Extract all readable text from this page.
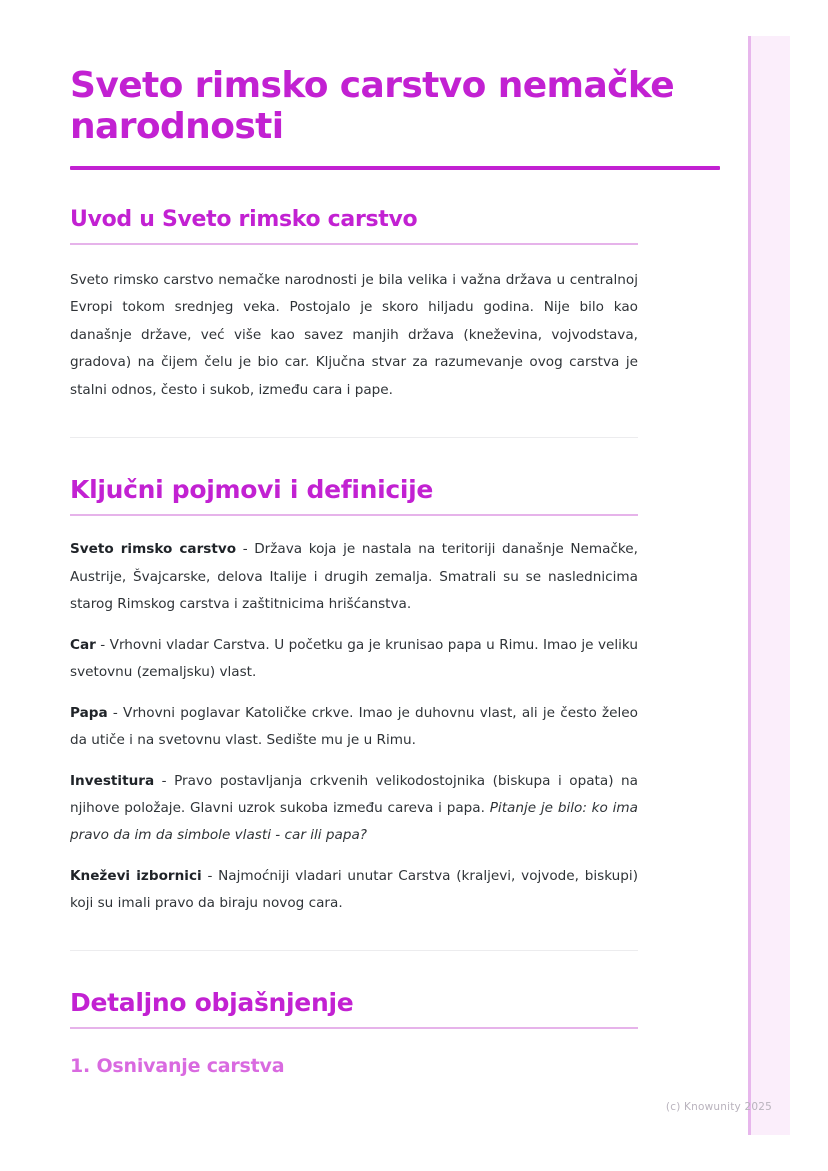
Sveto rimsko carstvo nemačke narodnosti
Uvod u Sveto rimsko carstvo

Sveto rimsko carstvo nemačke narodnosti je bila velika i važna država u centralnoj Evropi tokom srednjeg veka. Postojalo je skoro hiljadu godina. Nije bilo kao današnje države, već više kao savez manjih država (kneževina, vojvodstava, gradova) na čijem čelu je bio car. Ključna stvar za razumevanje ovog carstva je stalni odnos, često i sukob, između cara i pape.

Ključni pojmovi i definicije

Sveto rimsko carstvo - Država koja je nastala na teritoriji današnje Nemačke, Austrije, Švajcarske, delova Italije i drugih zemalja. Smatrali su se naslednicima starog Rimskog carstva i zaštitnicima hrišćanstva.

Car - Vrhovni vladar Carstva. U početku ga je krunisao papa u Rimu. Imao je veliku svetovnu (zemaljsku) vlast.

Papa - Vrhovni poglavar Katoličke crkve. Imao je duhovnu vlast, ali je često želeo da utiče i na svetovnu vlast. Sedište mu je u Rimu.

Investitura - Pravo postavljanja crkvenih velikodostojnika (biskupa i opata) na njihove položaje. Glavni uzrok sukoba između careva i papa. Pitanje je bilo: ko ima pravo da im da simbole vlasti - car ili papa?

Kneževi izbornici - Najmoćniji vladari unutar Carstva (kraljevi, vojvode, biskupi) koji su imali pravo da biraju novog cara.

Detaljno objašnjenje
1. Osnivanje carstva
(c) Knowunity 2025
